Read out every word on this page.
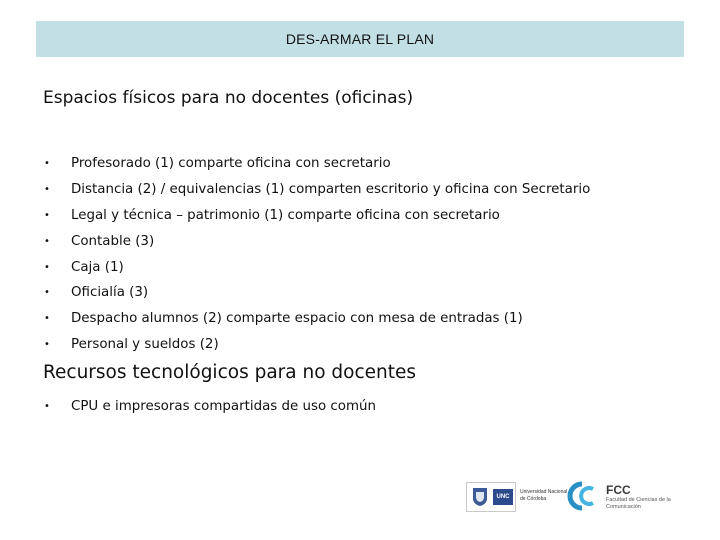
DES-ARMAR EL PLAN
Espacios físicos para no docentes (oficinas)
•	Profesorado (1) comparte oficina con secretario
•	Distancia (2) / equivalencias (1) comparten escritorio y oficina con Secretario
•	Legal y técnica – patrimonio (1) comparte oficina con secretario
•	Contable (3)
•	Caja (1)
•	Oficialía (3)
•	Despacho alumnos (2) comparte espacio con mesa de entradas (1)
•	Personal y sueldos (2)
Recursos tecnológicos para no docentes
•	CPU e impresoras compartidas de uso común
UNC
Universidad Nacional de Córdoba
FCC
Facultad de Ciencias de la Comunicación
